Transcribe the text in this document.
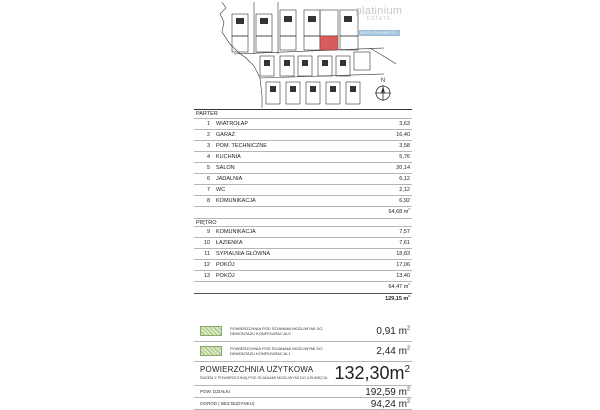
platinium
ESTATE
NIERUCHOMOŚCI
N
PARTER
1 WIATROŁAP	3,63
2 GARAŻ	16,40
3 POM. TECHNICZNE	3,58
4 KUCHNIA	5,76
5 SALON	20,14
6 JADALNIA	6,12
7 WC	2,12
8 KOMUNIKACJA	6,92
64,68 $m^2$
PIĘTRO
9 KOMUNIKACJA	7,57
10 ŁAZIENKA	7,61
11 SYPIALNIA GŁÓWNA	18,83
12 POKÓJ	17,06
13 POKÓJ	13,40
64,47 $m^2$
129,15 $m^2$
POWIERZCHNIA POD ŚCIANAMI MOŻLIWYMI DO DEMONTAŻU KONFIGURACJA II	0,91 $m^2$
POWIERZCHNIA POD ŚCIANAMI MOŻLIWYMI DO DEMONTAŻU KONFIGURACJA 1	2,44 $m^2$
POWIERZCHNIA UŻYTKOWA
RAZEM Z POWIERZCHNIĄ POD ŚCIANAMI MOŻLIWYMI DO USUNIĘCIA $132,30m^2$
POW. DZIAŁKI	192,59 $m^2$
OGRÓD ( BEZ BUDYNKU)	94,24 $m^2$
